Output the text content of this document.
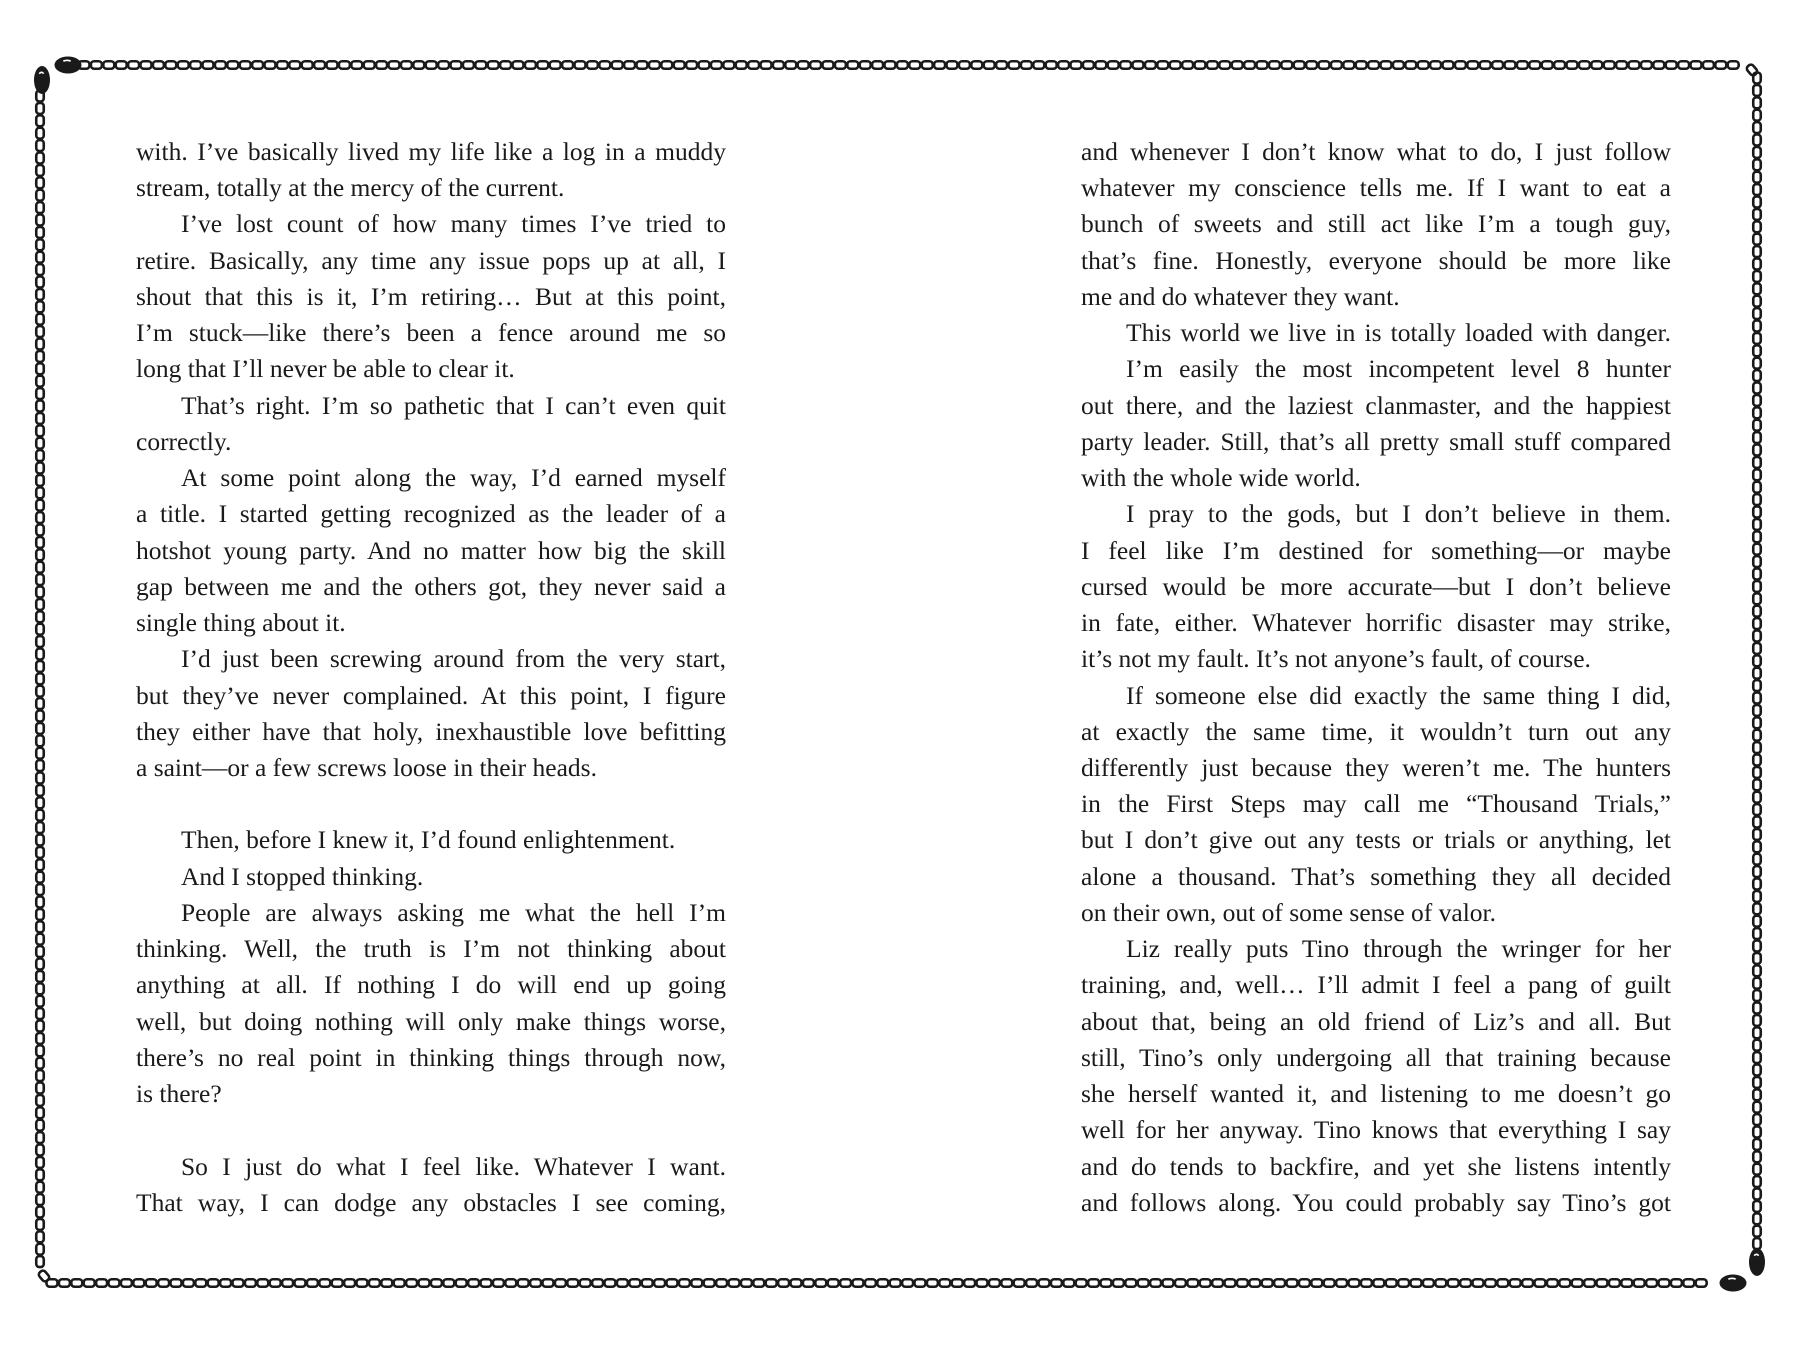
with. I’ve basically lived my life like a log in a muddy
stream, totally at the mercy of the current.
I’ve lost count of how many times I’ve tried to
retire. Basically, any time any issue pops up at all, I
shout that this is it, I’m retiring… But at this point,
I’m stuck—like there’s been a fence around me so
long that I’ll never be able to clear it.
That’s right. I’m so pathetic that I can’t even quit
correctly.
At some point along the way, I’d earned myself
a title. I started getting recognized as the leader of a
hotshot young party. And no matter how big the skill
gap between me and the others got, they never said a
single thing about it.
I’d just been screwing around from the very start,
but they’ve never complained. At this point, I figure
they either have that holy, inexhaustible love befitting
a saint—or a few screws loose in their heads.
Then, before I knew it, I’d found enlightenment.
And I stopped thinking.
People are always asking me what the hell I’m
thinking. Well, the truth is I’m not thinking about
anything at all. If nothing I do will end up going
well, but doing nothing will only make things worse,
there’s no real point in thinking things through now,
is there?
So I just do what I feel like. Whatever I want.
That way, I can dodge any obstacles I see coming,
and whenever I don’t know what to do, I just follow
whatever my conscience tells me. If I want to eat a
bunch of sweets and still act like I’m a tough guy,
that’s fine. Honestly, everyone should be more like
me and do whatever they want.
This world we live in is totally loaded with danger.
I’m easily the most incompetent level 8 hunter
out there, and the laziest clanmaster, and the happiest
party leader. Still, that’s all pretty small stuff compared
with the whole wide world.
I pray to the gods, but I don’t believe in them.
I feel like I’m destined for something—or maybe
cursed would be more accurate—but I don’t believe
in fate, either. Whatever horrific disaster may strike,
it’s not my fault. It’s not anyone’s fault, of course.
If someone else did exactly the same thing I did,
at exactly the same time, it wouldn’t turn out any
differently just because they weren’t me. The hunters
in the First Steps may call me “Thousand Trials,”
but I don’t give out any tests or trials or anything, let
alone a thousand. That’s something they all decided
on their own, out of some sense of valor.
Liz really puts Tino through the wringer for her
training, and, well… I’ll admit I feel a pang of guilt
about that, being an old friend of Liz’s and all. But
still, Tino’s only undergoing all that training because
she herself wanted it, and listening to me doesn’t go
well for her anyway. Tino knows that everything I say
and do tends to backfire, and yet she listens intently
and follows along. You could probably say Tino’s got
